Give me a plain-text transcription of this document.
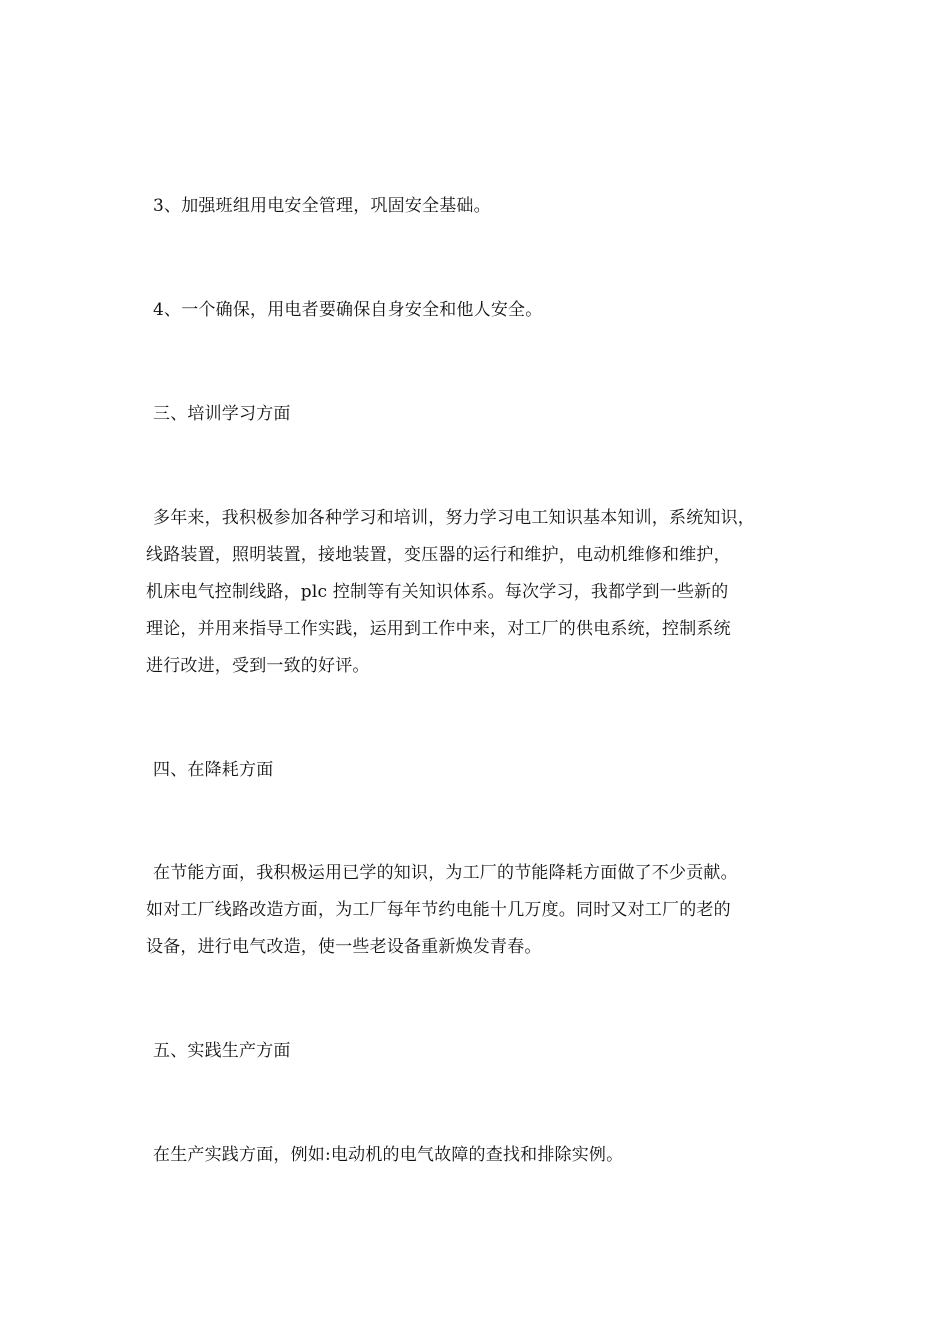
3、加强班组用电安全管理，巩固安全基础。
4、一个确保，用电者要确保自身安全和他人安全。
三、培训学习方面
多年来，我积极参加各种学习和培训，努力学习电工知识基本知训，系统知识，
线路装置，照明装置，接地装置，变压器的运行和维护，电动机维修和维护，
机床电气控制线路，plc 控制等有关知识体系。每次学习，我都学到一些新的
理论，并用来指导工作实践，运用到工作中来，对工厂的供电系统，控制系统
进行改进，受到一致的好评。
四、在降耗方面
在节能方面，我积极运用已学的知识，为工厂的节能降耗方面做了不少贡献。
如对工厂线路改造方面，为工厂每年节约电能十几万度。同时又对工厂的老的
设备，进行电气改造，使一些老设备重新焕发青春。
五、实践生产方面
在生产实践方面，例如:电动机的电气故障的查找和排除实例。
